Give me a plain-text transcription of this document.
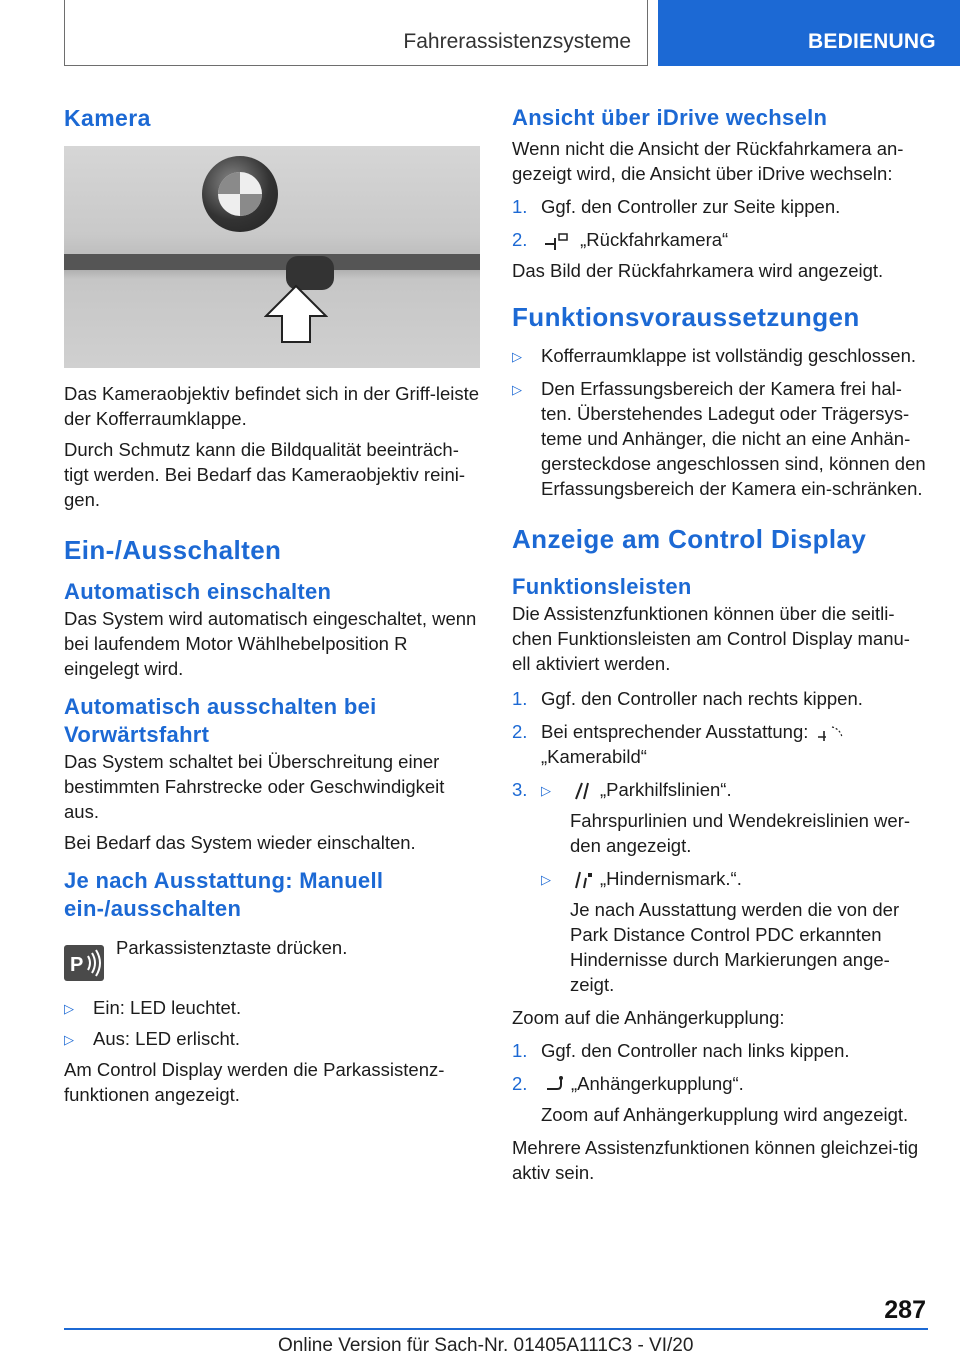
Fahrerassistenzsysteme	BEDIENUNG
Kamera

Das Kameraobjektiv befindet sich in der Griff-leiste der Kofferraumklappe.

Durch Schmutz kann die Bildqualität beeinträch-tigt werden. Bei Bedarf das Kameraobjektiv reini-gen.

Ein-/Ausschalten
Automatisch einschalten

Das System wird automatisch eingeschaltet, wenn bei laufendem Motor Wählhebelposition R eingelegt wird.

Automatisch ausschalten bei Vorwärtsfahrt

Das System schaltet bei Überschreitung einer bestimmten Fahrstrecke oder Geschwindigkeit aus.

Bei Bedarf das System wieder einschalten.

Je nach Ausstattung: Manuell ein-/ausschalten
P
Parkassistenztaste drücken.
▷ Ein: LED leuchtet.
▷ Aus: LED erlischt.

Am Control Display werden die Parkassistenz-funktionen angezeigt.

Ansicht über iDrive wechseln

Wenn nicht die Ansicht der Rückfahrkamera an-gezeigt wird, die Ansicht über iDrive wechseln:

1. Ggf. den Controller zur Seite kippen.
2.	„Rückfahrkamera“

Das Bild der Rückfahrkamera wird angezeigt.

Funktionsvoraussetzungen
▷ Kofferraumklappe ist vollständig geschlossen.
▷ Den Erfassungsbereich der Kamera frei hal-ten. Überstehendes Ladegut oder Trägersys-teme und Anhänger, die nicht an eine Anhän-gersteckdose angeschlossen sind, können den Erfassungsbereich der Kamera ein-schränken.
Anzeige am Control Display
Funktionsleisten

Die Assistenzfunktionen können über die seitli-chen Funktionsleisten am Control Display manu-ell aktiviert werden.

1. Ggf. den Controller nach rechts kippen.
2. Bei entsprechender Ausstattung:
„Kamerabild“
3. ▷	„Parkhilfslinien“.
Fahrspurlinien und Wendekreislinien wer-den angezeigt.
▷	„Hindernismark.“.
Je nach Ausstattung werden die von der Park Distance Control PDC erkannten Hindernisse durch Markierungen ange-zeigt.

Zoom auf die Anhängerkupplung:

1. Ggf. den Controller nach links kippen.
2. „Anhängerkupplung“.
Zoom auf Anhängerkupplung wird angezeigt.

Mehrere Assistenzfunktionen können gleichzei-tig aktiv sein.

287
Online Version für Sach-Nr. 01405A111C3 - VI/20
